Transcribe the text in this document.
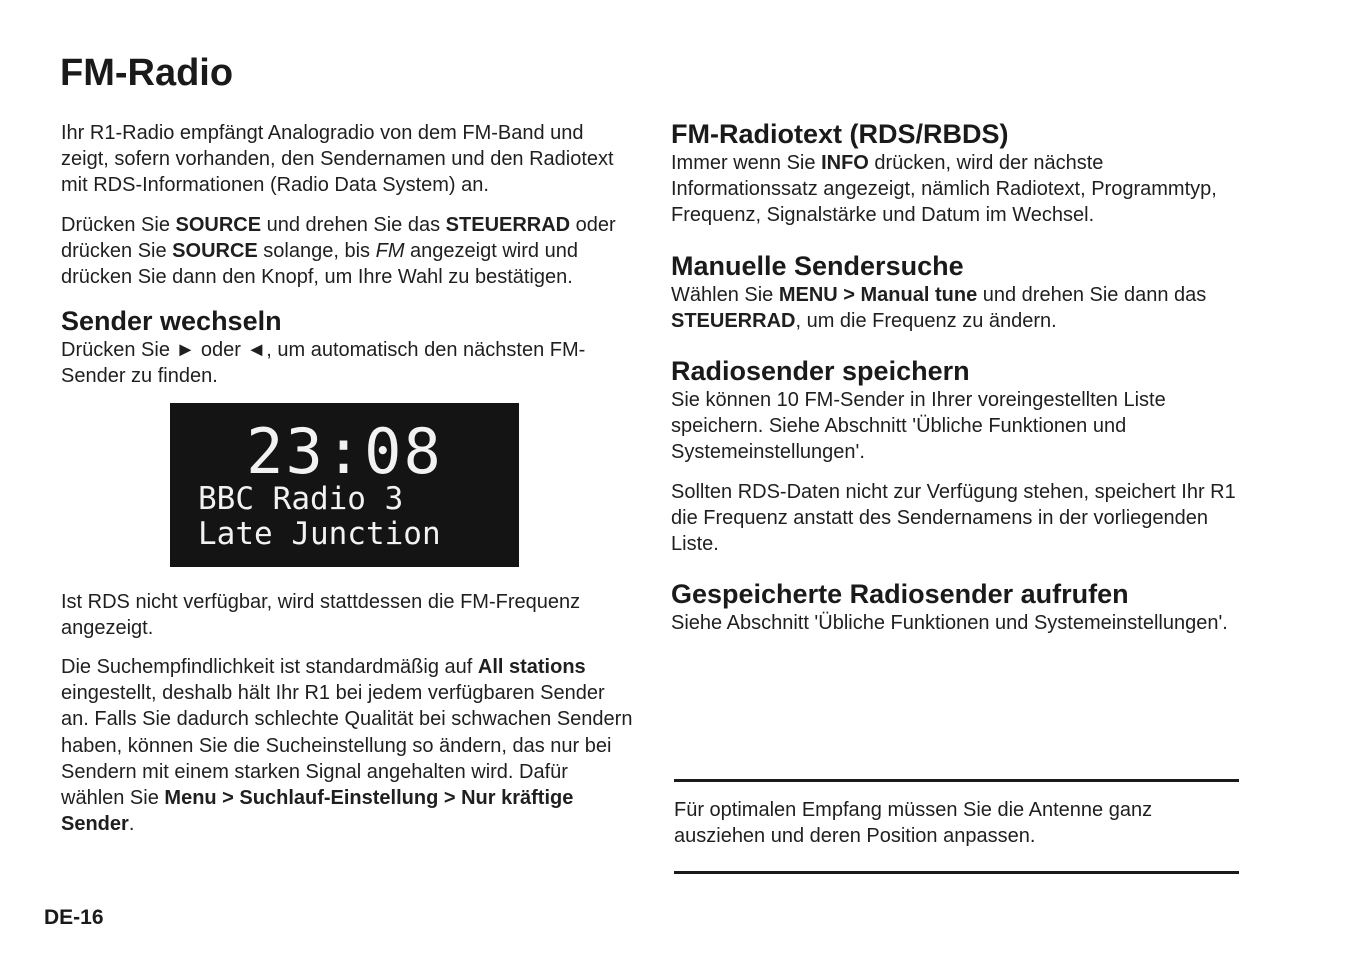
FM-Radio

Ihr R1-Radio empfängt Analogradio von dem FM-Band und zeigt, sofern vorhanden, den Sendernamen und den Radiotext mit RDS-Informationen (Radio Data System) an.

Drücken Sie SOURCE und drehen Sie das STEUERRAD oder drücken Sie SOURCE solange, bis FM angezeigt wird und drücken Sie dann den Knopf, um Ihre Wahl zu bestätigen.

Sender wechseln

Drücken Sie ► oder ◄, um automatisch den nächsten FM-Sender zu finden.

23:08
BBC Radio 3
Late Junction

Ist RDS nicht verfügbar, wird stattdessen die FM-Frequenz angezeigt.

Die Suchempfindlichkeit ist standardmäßig auf All stations eingestellt, deshalb hält Ihr R1 bei jedem verfügbaren Sender an. Falls Sie dadurch schlechte Qualität bei schwachen Sendern haben, können Sie die Sucheinstellung so ändern, das nur bei Sendern mit einem starken Signal angehalten wird. Dafür wählen Sie Menu > Suchlauf-Einstellung > Nur kräftige Sender.

FM-Radiotext (RDS/RBDS)

Immer wenn Sie INFO drücken, wird der nächste Informationssatz angezeigt, nämlich Radiotext, Programmtyp, Frequenz, Signalstärke und Datum im Wechsel.

Manuelle Sendersuche

Wählen Sie MENU > Manual tune und drehen Sie dann das STEUERRAD, um die Frequenz zu ändern.

Radiosender speichern

Sie können 10 FM-Sender in Ihrer voreingestellten Liste speichern. Siehe Abschnitt 'Übliche Funktionen und Systemeinstellungen'.

Sollten RDS-Daten nicht zur Verfügung stehen, speichert Ihr R1 die Frequenz anstatt des Sendernamens in der vorliegenden Liste.

Gespeicherte Radiosender aufrufen

Siehe Abschnitt 'Übliche Funktionen und Systemeinstellungen'.

Für optimalen Empfang müssen Sie die Antenne ganz ausziehen und deren Position anpassen.

DE-16
